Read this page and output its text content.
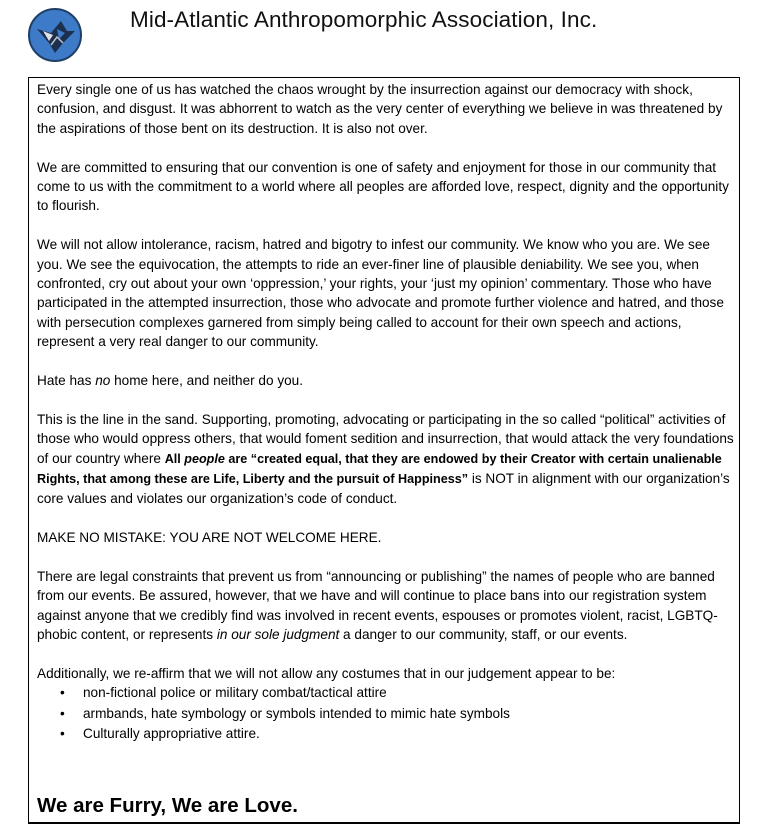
Mid-Atlantic Anthropomorphic Association, Inc.

Every single one of us has watched the chaos wrought by the insurrection against our democracy with shock, confusion, and disgust. It was abhorrent to watch as the very center of everything we believe in was threatened by the aspirations of those bent on its destruction. It is also not over.

We are committed to ensuring that our convention is one of safety and enjoyment for those in our community that come to us with the commitment to a world where all peoples are afforded love, respect, dignity and the opportunity to flourish.

We will not allow intolerance, racism, hatred and bigotry to infest our community. We know who you are. We see you. We see the equivocation, the attempts to ride an ever-finer line of plausible deniability. We see you, when confronted, cry out about your own ‘oppression,’ your rights, your ‘just my opinion’ commentary. Those who have participated in the attempted insurrection, those who advocate and promote further violence and hatred, and those with persecution complexes garnered from simply being called to account for their own speech and actions, represent a very real danger to our community.

Hate has no home here, and neither do you.

This is the line in the sand. Supporting, promoting, advocating or participating in the so called “political” activities of those who would oppress others, that would foment sedition and insurrection, that would attack the very foundations of our country where All people are “created equal, that they are endowed by their Creator with certain unalienable Rights, that among these are Life, Liberty and the pursuit of Happiness” is NOT in alignment with our organization’s core values and violates our organization’s code of conduct.

MAKE NO MISTAKE: YOU ARE NOT WELCOME HERE.

There are legal constraints that prevent us from “announcing or publishing” the names of people who are banned from our events. Be assured, however, that we have and will continue to place bans into our registration system against anyone that we credibly find was involved in recent events, espouses or promotes violent, racist, LGBTQ-phobic content, or represents in our sole judgment a danger to our community, staff, or our events.

Additionally, we re-affirm that we will not allow any costumes that in our judgement appear to be:

• non-fictional police or military combat/tactical attire
• armbands, hate symbology or symbols intended to mimic hate symbols
• Culturally appropriative attire.
We are Furry, We are Love.
